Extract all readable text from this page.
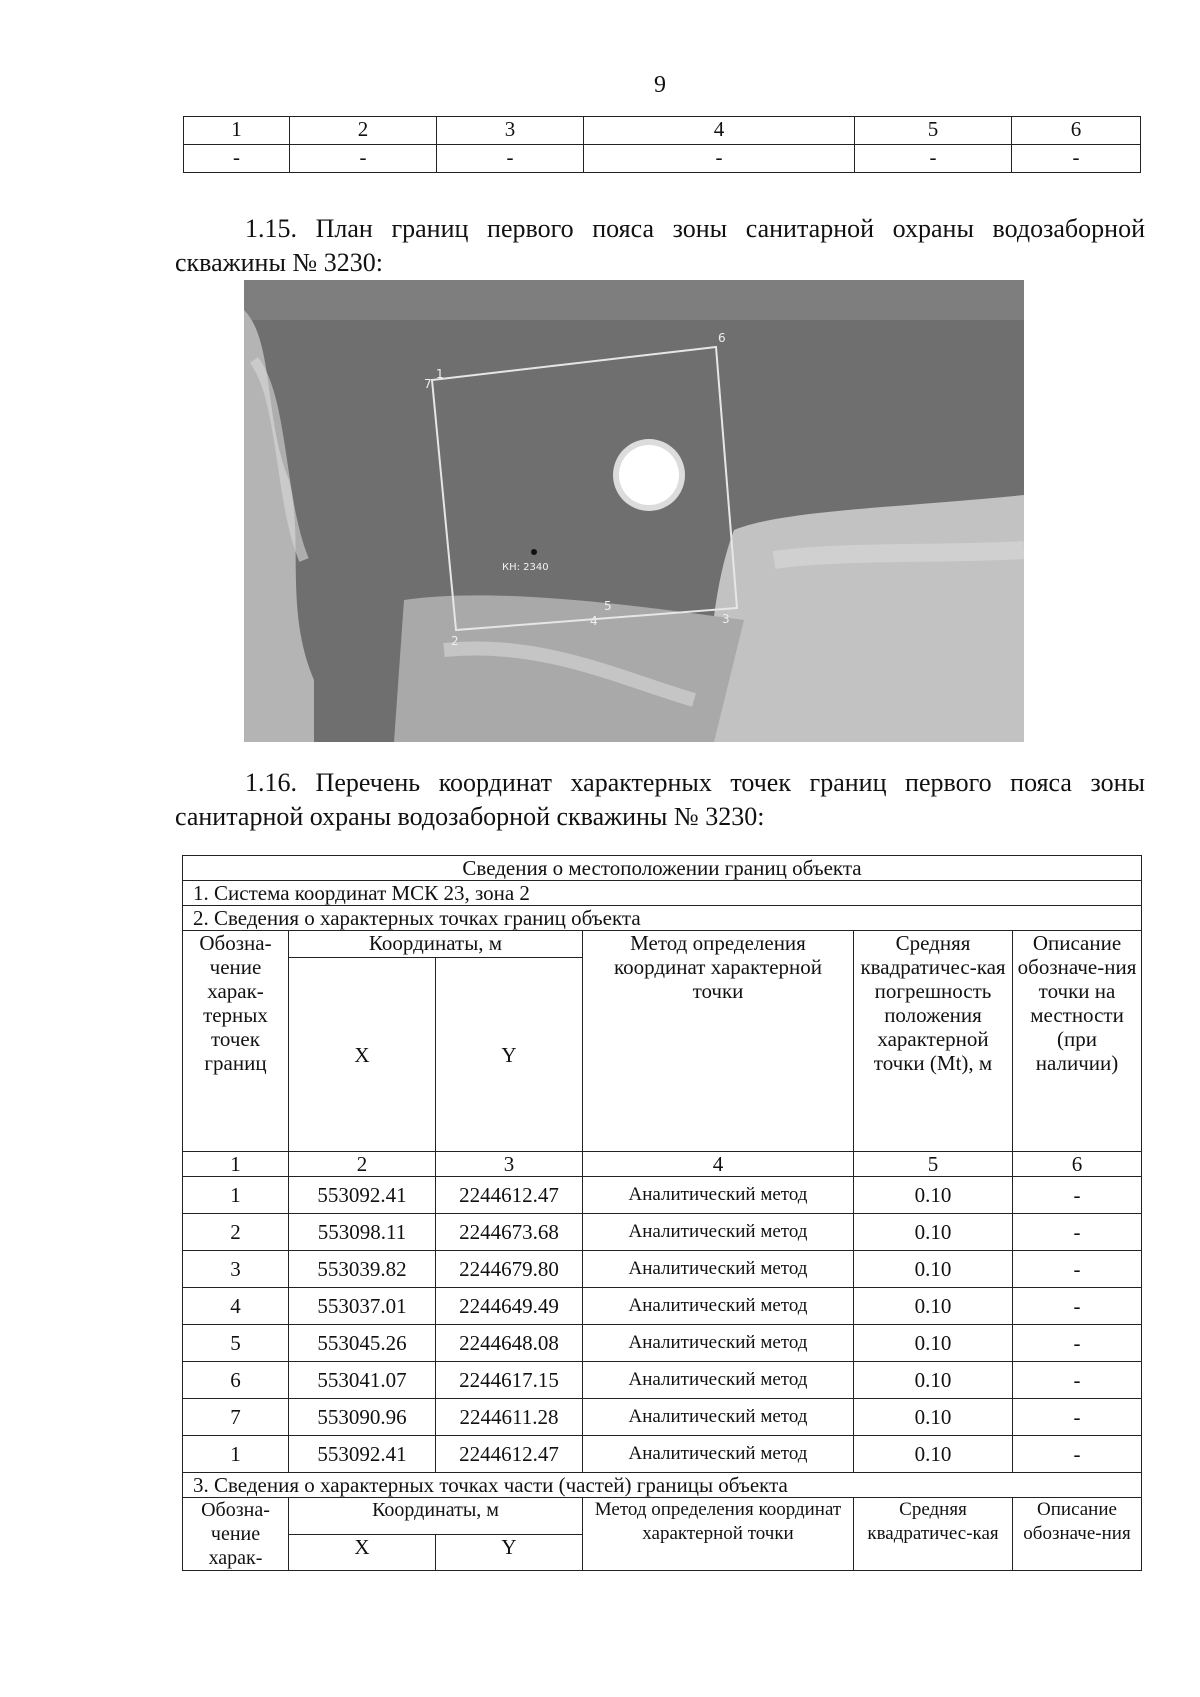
9
1	2	3	4	5	6
-	-	-	-	-	-

1.15. План границ первого пояса зоны санитарной охраны водозаборной скважины № 3230:

1
2
3
4
5
6
7
КН: 2340

1.16. Перечень координат характерных точек границ первого пояса зоны санитарной охраны водозаборной скважины № 3230:

Сведения о местоположении границ объекта					
1. Система координат МСК 23, зона 2					
2. Сведения о характерных точках границ объекта					
Обозна-чение харак-терных точек границ	Координаты, м		Метод определения координат характерной точки	Средняя квадратичес-кая погрешность положения характерной точки (Mt), м	Описание обозначе-ния точки на местности (при наличии)
	X	Y			
1	2	3	4	5	6
1	553092.41	2244612.47	Аналитический метод	0.10	-
2	553098.11	2244673.68	Аналитический метод	0.10	-
3	553039.82	2244679.80	Аналитический метод	0.10	-
4	553037.01	2244649.49	Аналитический метод	0.10	-
5	553045.26	2244648.08	Аналитический метод	0.10	-
6	553041.07	2244617.15	Аналитический метод	0.10	-
7	553090.96	2244611.28	Аналитический метод	0.10	-
1	553092.41	2244612.47	Аналитический метод	0.10	-
3. Сведения о характерных точках части (частей) границы объекта					
Обозна-чение харак-	Координаты, м		Метод определения координат характерной точки	Средняя квадратичес-кая	Описание обозначе-ния
	X	Y			
